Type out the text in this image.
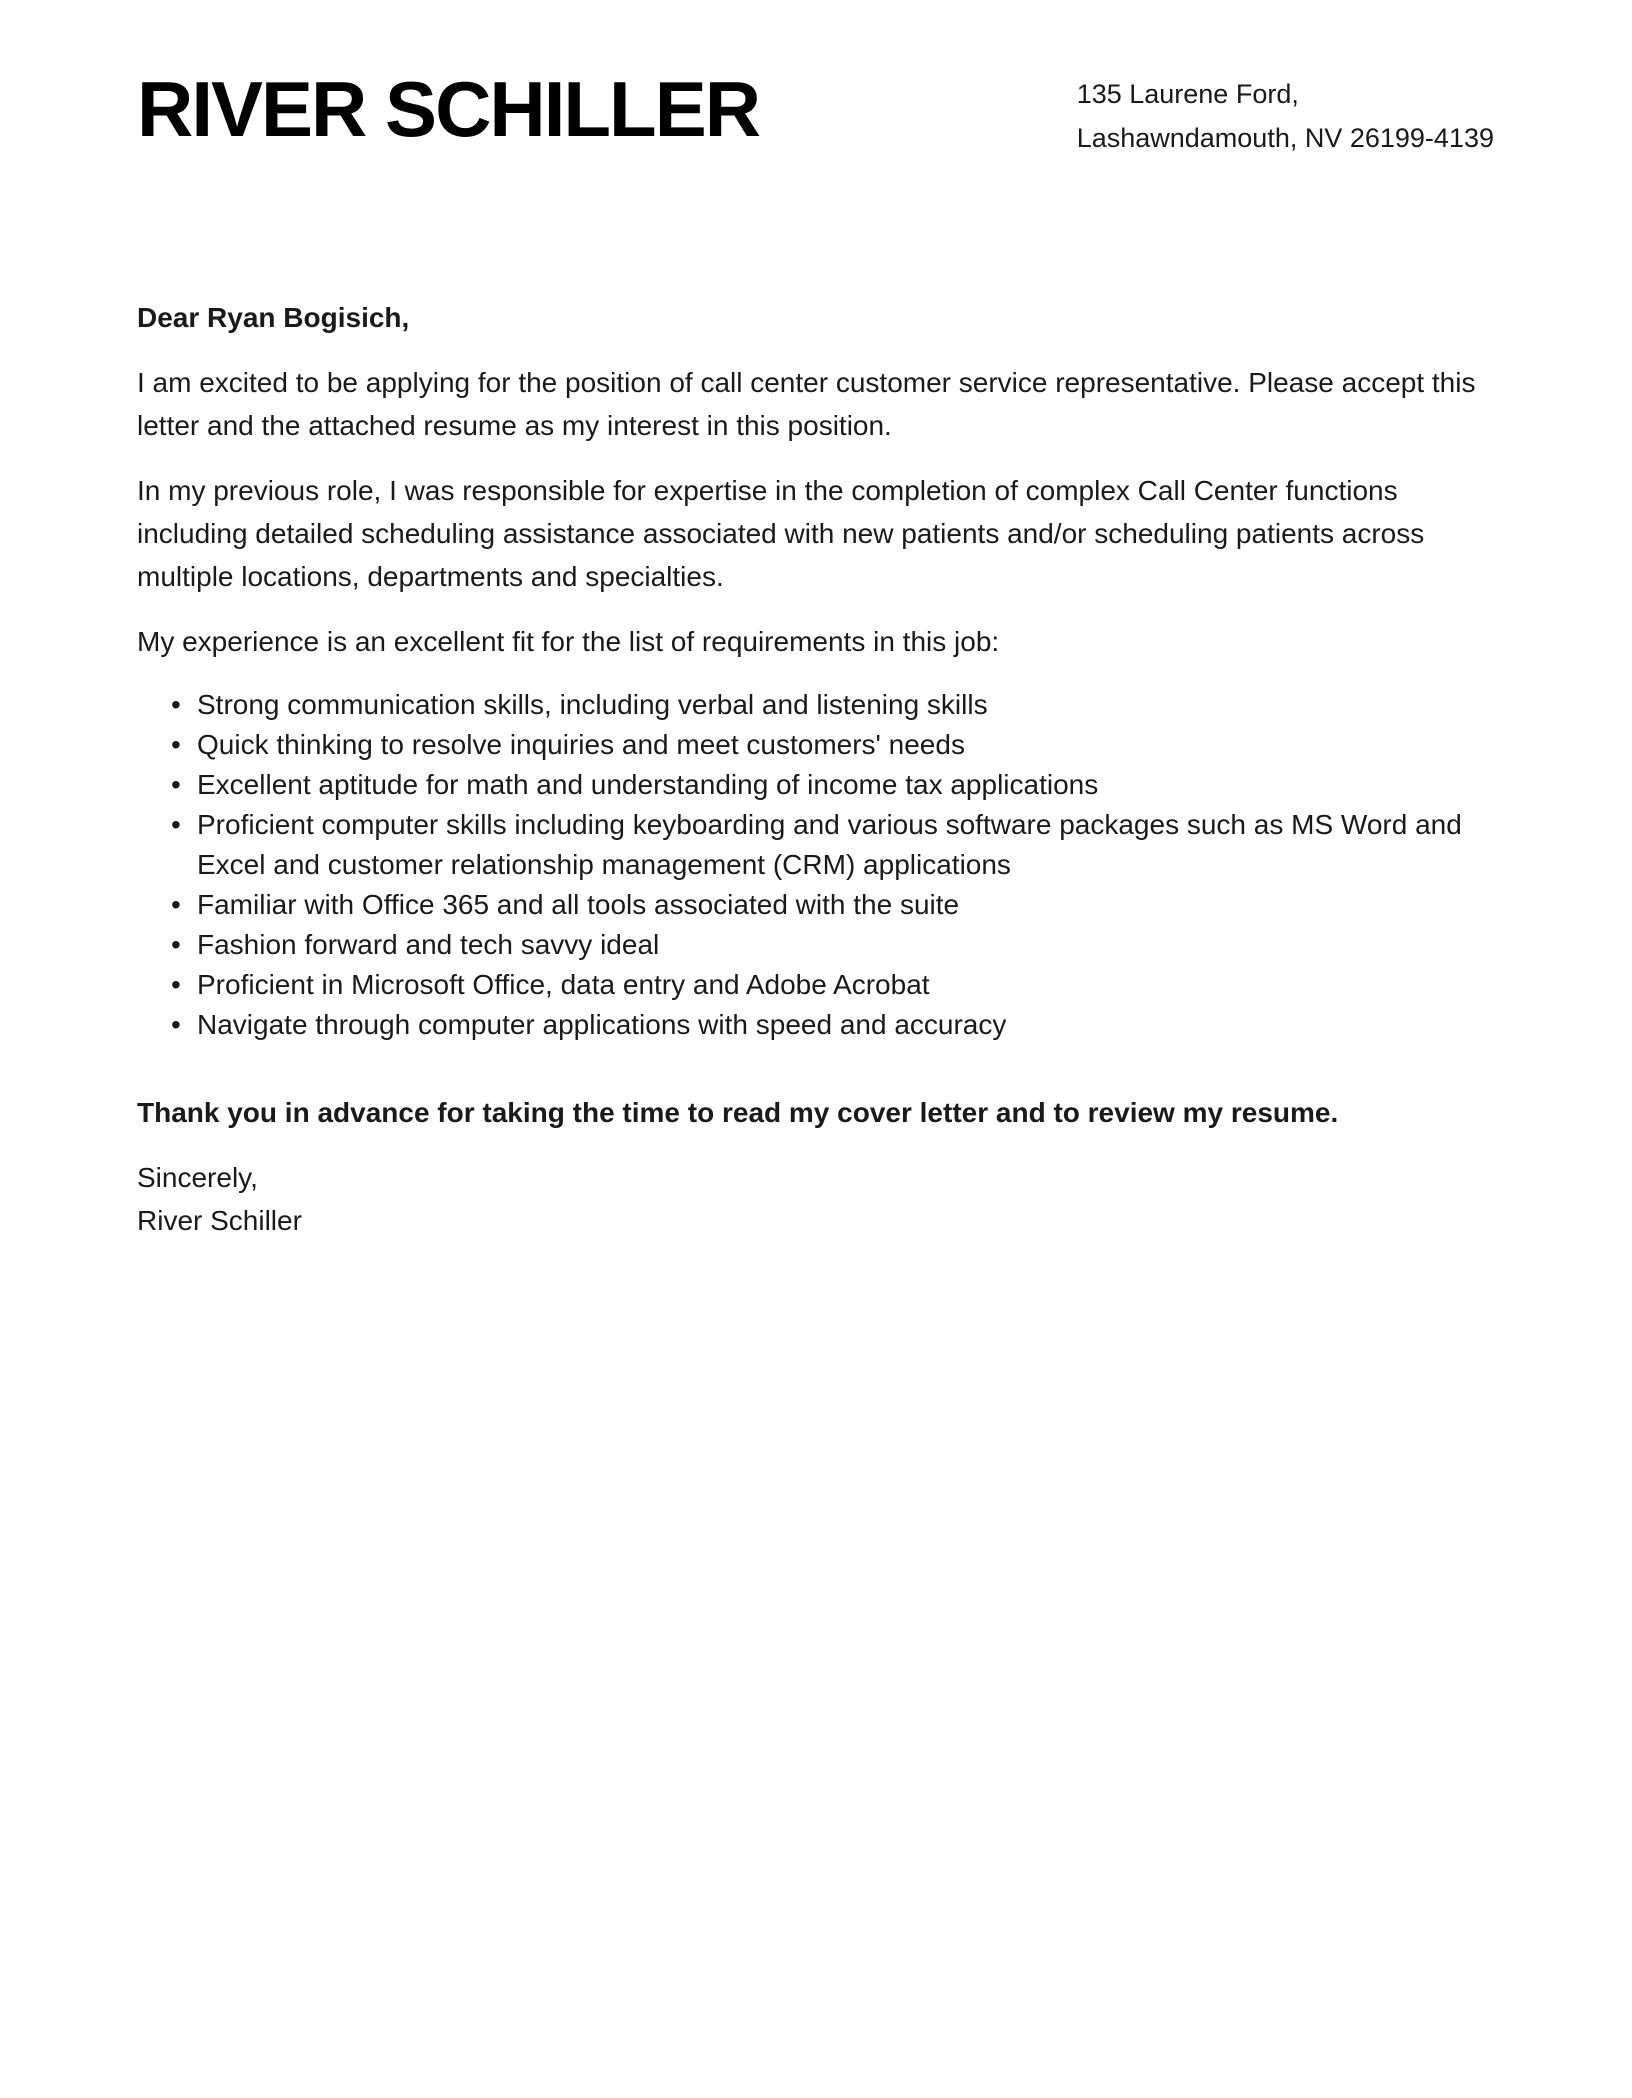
RIVER SCHILLER	135 Laurene Ford,
Lashawndamouth, NV 26199-4139

Dear Ryan Bogisich,

I am excited to be applying for the position of call center customer service representative. Please accept this letter and the attached resume as my interest in this position.

In my previous role, I was responsible for expertise in the completion of complex Call Center functions including detailed scheduling assistance associated with new patients and/or scheduling patients across multiple locations, departments and specialties.

My experience is an excellent fit for the list of requirements in this job:

• Strong communication skills, including verbal and listening skills
• Quick thinking to resolve inquiries and meet customers' needs
• Excellent aptitude for math and understanding of income tax applications
• Proficient computer skills including keyboarding and various software packages such as MS Word and Excel and customer relationship management (CRM) applications
• Familiar with Office 365 and all tools associated with the suite
• Fashion forward and tech savvy ideal
• Proficient in Microsoft Office, data entry and Adobe Acrobat
• Navigate through computer applications with speed and accuracy

Thank you in advance for taking the time to read my cover letter and to review my resume.

Sincerely,
River Schiller
